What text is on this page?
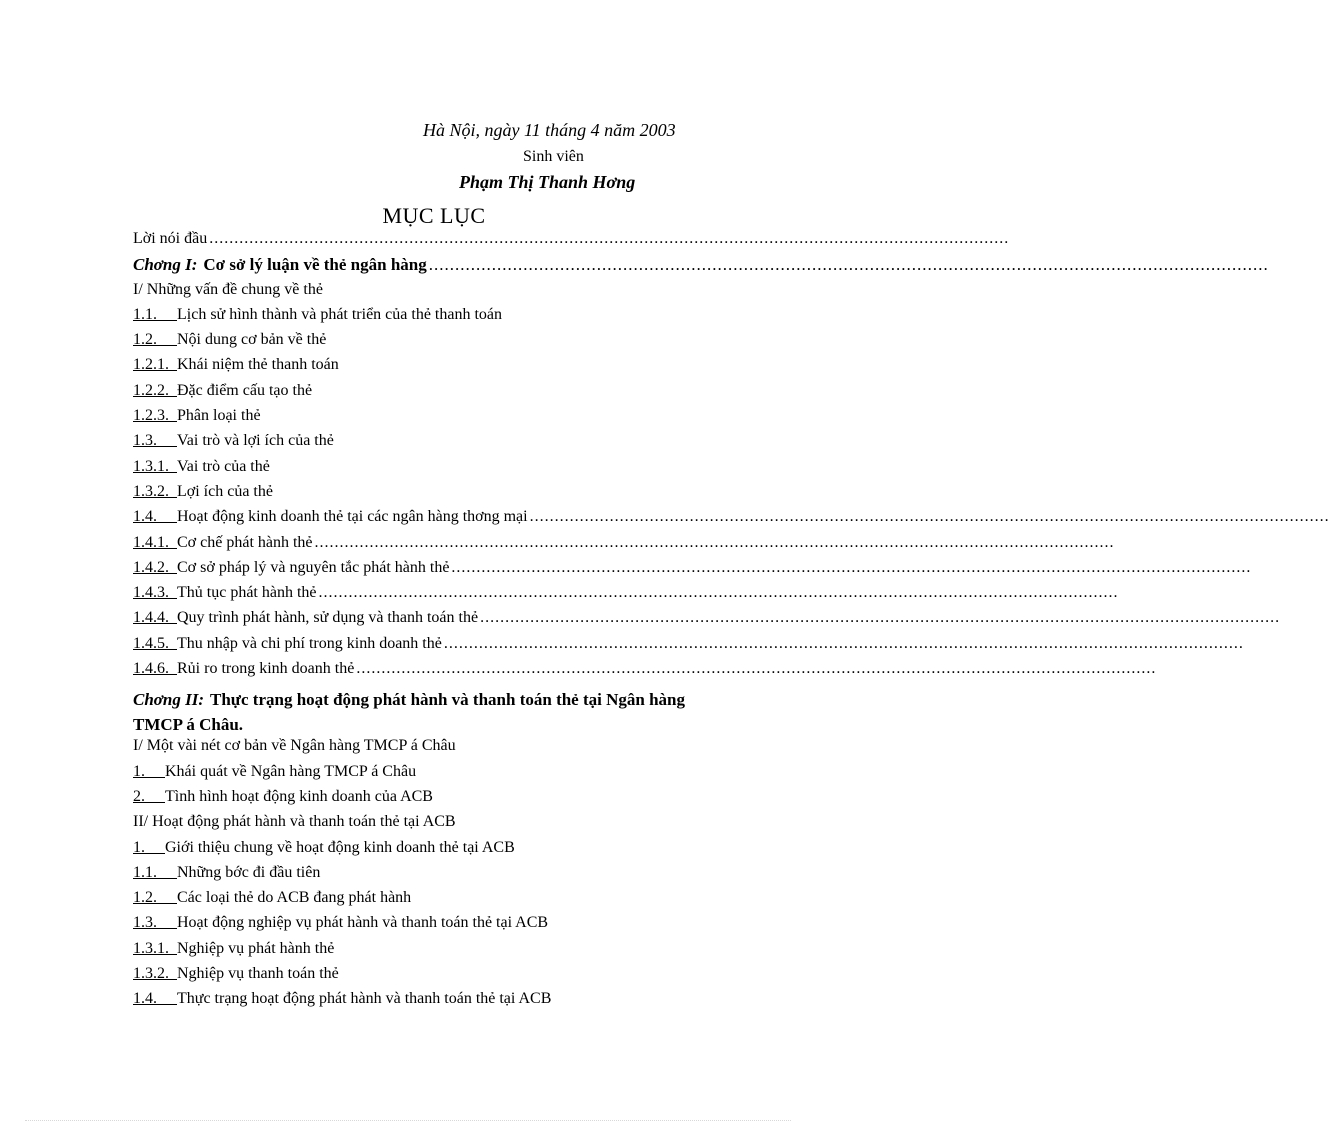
Hà Nội, ngày 11 tháng 4 năm 2003
Sinh viên
Phạm Thị Thanh Hơng
MỤC LỤC
Lời nói đầu ................................................................................................................................................................
Chơng I: Cơ sở lý luận về thẻ ngân hàng ................................................................................................................................................................
I/ Những vấn đề chung về thẻ
1.1.
Lịch sử hình thành và phát triển của thẻ thanh toán
1.2.
Nội dung cơ bản về thẻ
1.2.1.
Khái niệm thẻ thanh toán
1.2.2.
Đặc điểm cấu tạo thẻ
1.2.3.
Phân loại thẻ
1.3.
Vai trò và lợi ích của thẻ
1.3.1.
Vai trò của thẻ
1.3.2.
Lợi ích của thẻ
1.4.
Hoạt động kinh doanh thẻ tại các ngân hàng thơng mại ................................................................................................................................................................
1.4.1.
Cơ chế phát hành thẻ ................................................................................................................................................................
1.4.2.
Cơ sở pháp lý và nguyên tắc phát hành thẻ ................................................................................................................................................................
1.4.3.
Thủ tục phát hành thẻ ................................................................................................................................................................
1.4.4.
Quy trình phát hành, sử dụng và thanh toán thẻ ................................................................................................................................................................
1.4.5.
Thu nhập và chi phí trong kinh doanh thẻ ................................................................................................................................................................
1.4.6.
Rủi ro trong kinh doanh thẻ ................................................................................................................................................................
Chơng II: Thực trạng hoạt động phát hành và thanh toán thẻ tại Ngân hàng TMCP á Châu.
I/ Một vài nét cơ bản về Ngân hàng TMCP á Châu
1.
Khái quát về Ngân hàng TMCP á Châu
2.
Tình hình hoạt động kinh doanh của ACB
II/ Hoạt động phát hành và thanh toán thẻ tại ACB
1.
Giới thiệu chung về hoạt động kinh doanh thẻ tại ACB
1.1.
Những bớc đi đầu tiên
1.2.
Các loại thẻ do ACB đang phát hành
1.3.
Hoạt động nghiệp vụ phát hành và thanh toán thẻ tại ACB
1.3.1.
Nghiệp vụ phát hành thẻ
1.3.2.
Nghiệp vụ thanh toán thẻ
1.4.
Thực trạng hoạt động phát hành và thanh toán thẻ tại ACB
